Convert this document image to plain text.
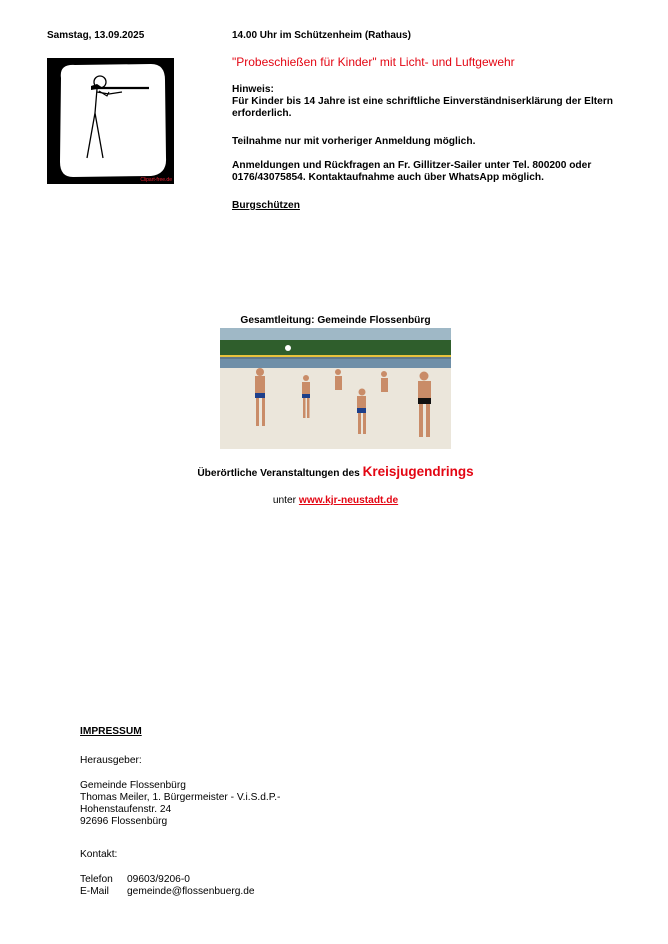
Samstag, 13.09.2025	14.00 Uhr im Schützenheim (Rathaus)
Clipart-free.de
"Probeschießen für Kinder" mit Licht- und Luftgewehr
Hinweis:
Für Kinder bis 14 Jahre ist eine schriftliche Einverständniserklärung der Eltern erforderlich.
Teilnahme nur mit vorheriger Anmeldung möglich.
Anmeldungen und Rückfragen an Fr. Gillitzer-Sailer unter Tel. 800200 oder 0176/43075854. Kontaktaufnahme auch über WhatsApp möglich.
Burgschützen
Gesamtleitung: Gemeinde Flossenbürg
Überörtliche Veranstaltungen des Kreisjugendrings
unter www.kjr-neustadt.de
IMPRESSUM
Herausgeber:
Gemeinde Flossenbürg
Thomas Meiler, 1. Bürgermeister - V.i.S.d.P.-
Hohenstaufenstr. 24
92696 Flossenbürg
Kontakt:
Telefon 09603/9206-0
E-Mail gemeinde@flossenbuerg.de
